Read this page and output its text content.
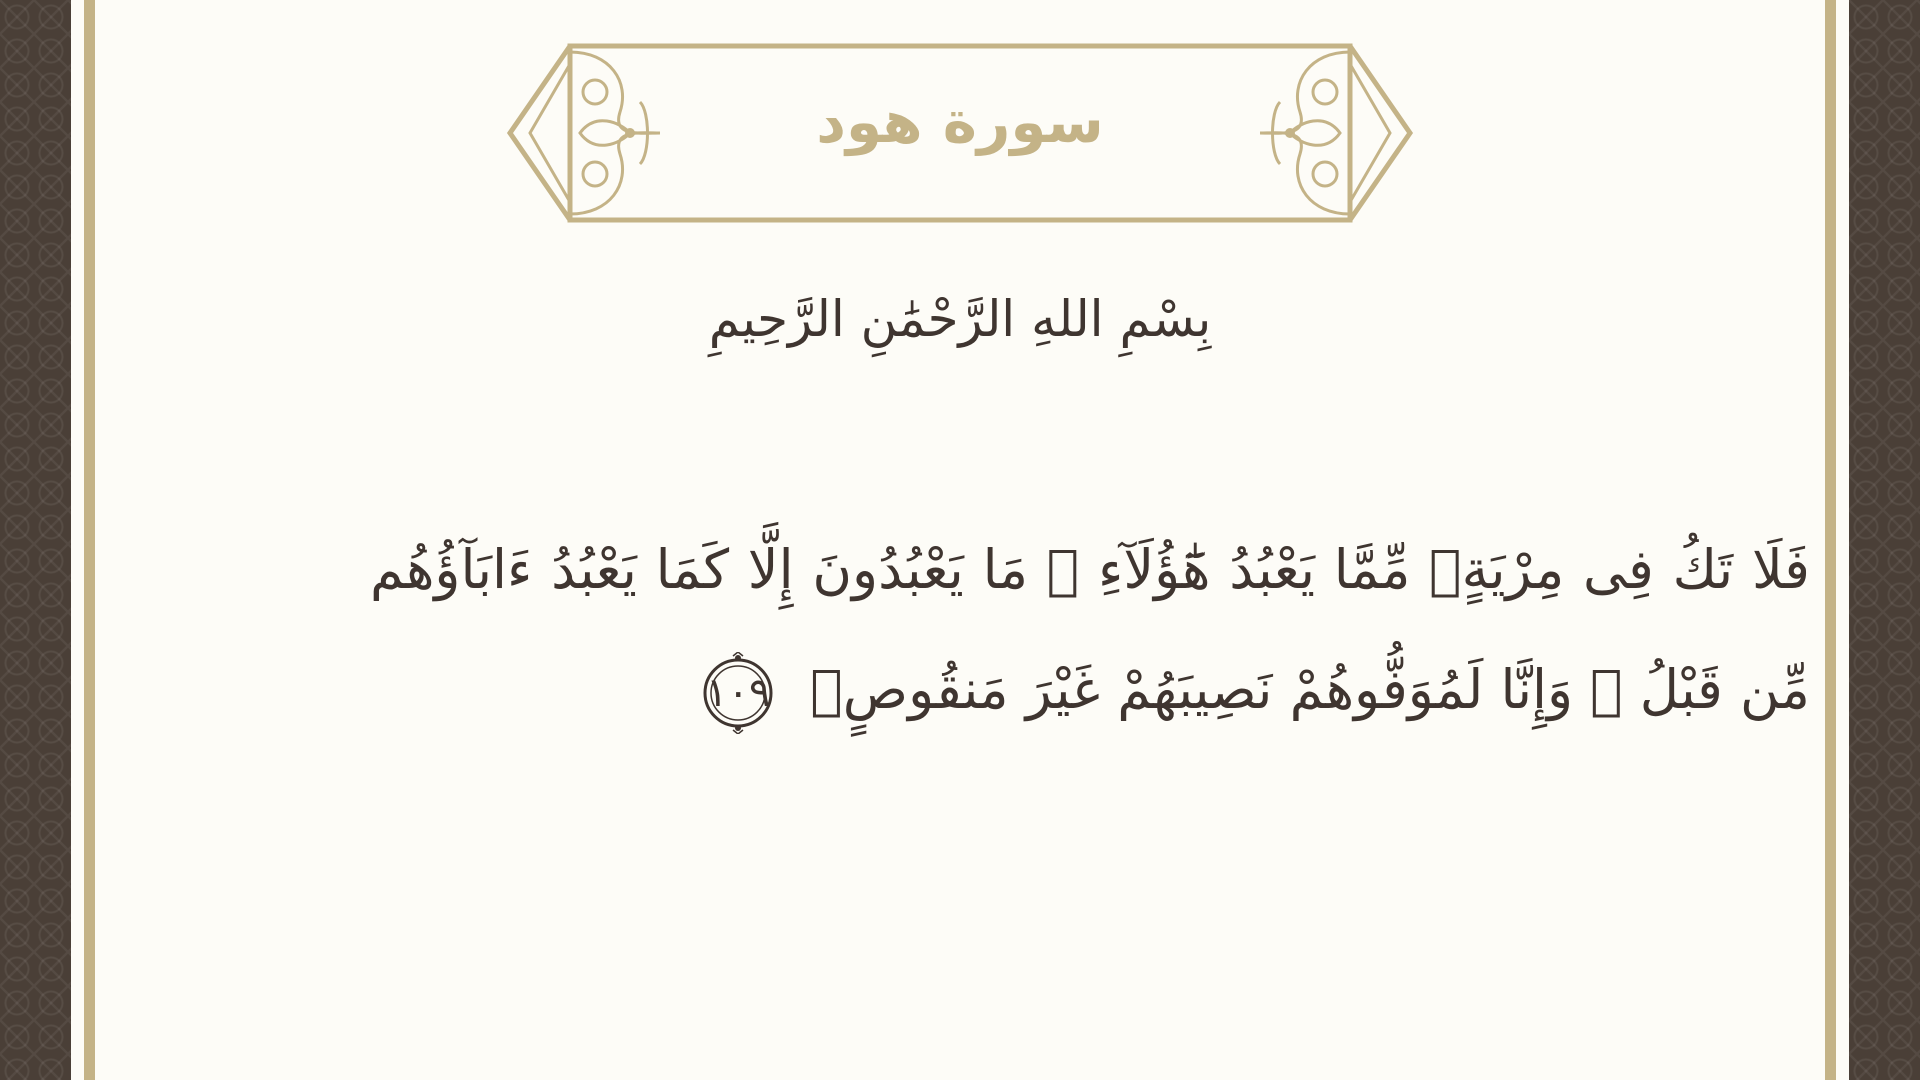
سورة هود
بِسْمِ اللهِ الرَّحْمَٰنِ الرَّحِيمِ
فَلَا تَكُ فِى مِرْيَةٍۢ مِّمَّا يَعْبُدُ هَٰٓؤُلَآءِ ۚ مَا يَعْبُدُونَ إِلَّا كَمَا يَعْبُدُ ءَابَآؤُهُم مِّن قَبْلُ ۚ وَإِنَّا لَمُوَفُّوهُمْ نَصِيبَهُمْ غَيْرَ مَنقُوصٍۢ
١٠٩
